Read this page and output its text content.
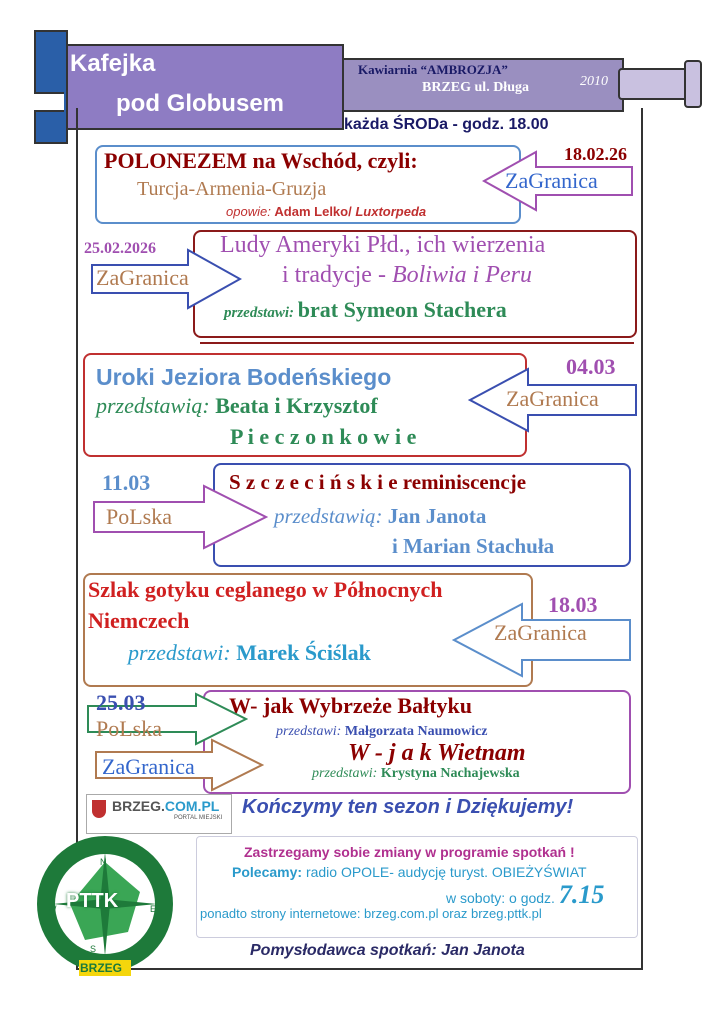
Kafejka
pod Globusem
Kawiarnia “AMBROZJA”
BRZEG ul. Długa	2010
każda ŚRODa - godz. 18.00
POLONEZEM na Wschód, czyli:
Turcja-Armenia-Gruzja
opowie: Adam Lelko/ Luxtorpeda
18.02.26
ZaGranica
Ludy Ameryki Płd., ich wierzenia
i tradycje - Boliwia i Peru
przedstawi: brat Symeon Stachera
25.02.2026
ZaGranica
Uroki Jeziora Bodeńskiego
przedstawią: Beata i Krzysztof
P i e c z o n k o w i e
04.03
ZaGranica
S z c z e c i ń s k i e reminiscencje
przedstawią: Jan Janota
i Marian Stachuła
11.03
PoLska
Szlak gotyku ceglanego w Północnych
Niemczech
przedstawi: Marek Ściślak
18.03
ZaGranica
W- jak Wybrzeże Bałtyku
przedstawi: Małgorzata Naumowicz
W - j a k Wietnam
przedstawi: Krystyna Nachajewska
25.03
PoLska
ZaGranica
BRZEG.COM.PL
PORTAL MIEJSKI Kończymy ten sezon i Dziękujemy!
Zastrzegamy sobie zmiany w programie spotkań !
Polecamy: radio OPOLE- audycję turyst. OBIEŻYŚWIAT
w soboty: o godz. 7.15
ponadto strony internetowe: brzeg.com.pl oraz brzeg.pttk.pl
PTTK
BRZEG
N
E
S
W
Pomysłodawca spotkań: Jan Janota
